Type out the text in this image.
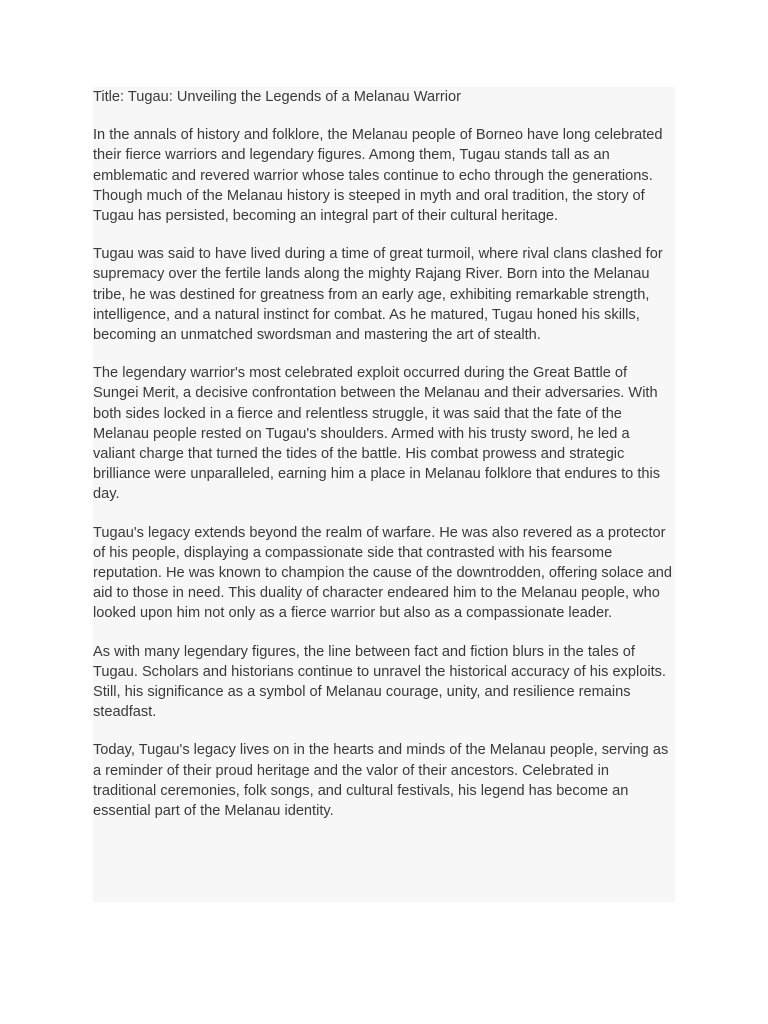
Title: Tugau: Unveiling the Legends of a Melanau Warrior

In the annals of history and folklore, the Melanau people of Borneo have long celebrated their fierce warriors and legendary figures. Among them, Tugau stands tall as an emblematic and revered warrior whose tales continue to echo through the generations. Though much of the Melanau history is steeped in myth and oral tradition, the story of Tugau has persisted, becoming an integral part of their cultural heritage.

Tugau was said to have lived during a time of great turmoil, where rival clans clashed for supremacy over the fertile lands along the mighty Rajang River. Born into the Melanau tribe, he was destined for greatness from an early age, exhibiting remarkable strength, intelligence, and a natural instinct for combat. As he matured, Tugau honed his skills, becoming an unmatched swordsman and mastering the art of stealth.

The legendary warrior's most celebrated exploit occurred during the Great Battle of Sungei Merit, a decisive confrontation between the Melanau and their adversaries. With both sides locked in a fierce and relentless struggle, it was said that the fate of the Melanau people rested on Tugau's shoulders. Armed with his trusty sword, he led a valiant charge that turned the tides of the battle. His combat prowess and strategic brilliance were unparalleled, earning him a place in Melanau folklore that endures to this day.

Tugau's legacy extends beyond the realm of warfare. He was also revered as a protector of his people, displaying a compassionate side that contrasted with his fearsome reputation. He was known to champion the cause of the downtrodden, offering solace and aid to those in need. This duality of character endeared him to the Melanau people, who looked upon him not only as a fierce warrior but also as a compassionate leader.

As with many legendary figures, the line between fact and fiction blurs in the tales of Tugau. Scholars and historians continue to unravel the historical accuracy of his exploits. Still, his significance as a symbol of Melanau courage, unity, and resilience remains steadfast.

Today, Tugau's legacy lives on in the hearts and minds of the Melanau people, serving as a reminder of their proud heritage and the valor of their ancestors. Celebrated in traditional ceremonies, folk songs, and cultural festivals, his legend has become an essential part of the Melanau identity.
